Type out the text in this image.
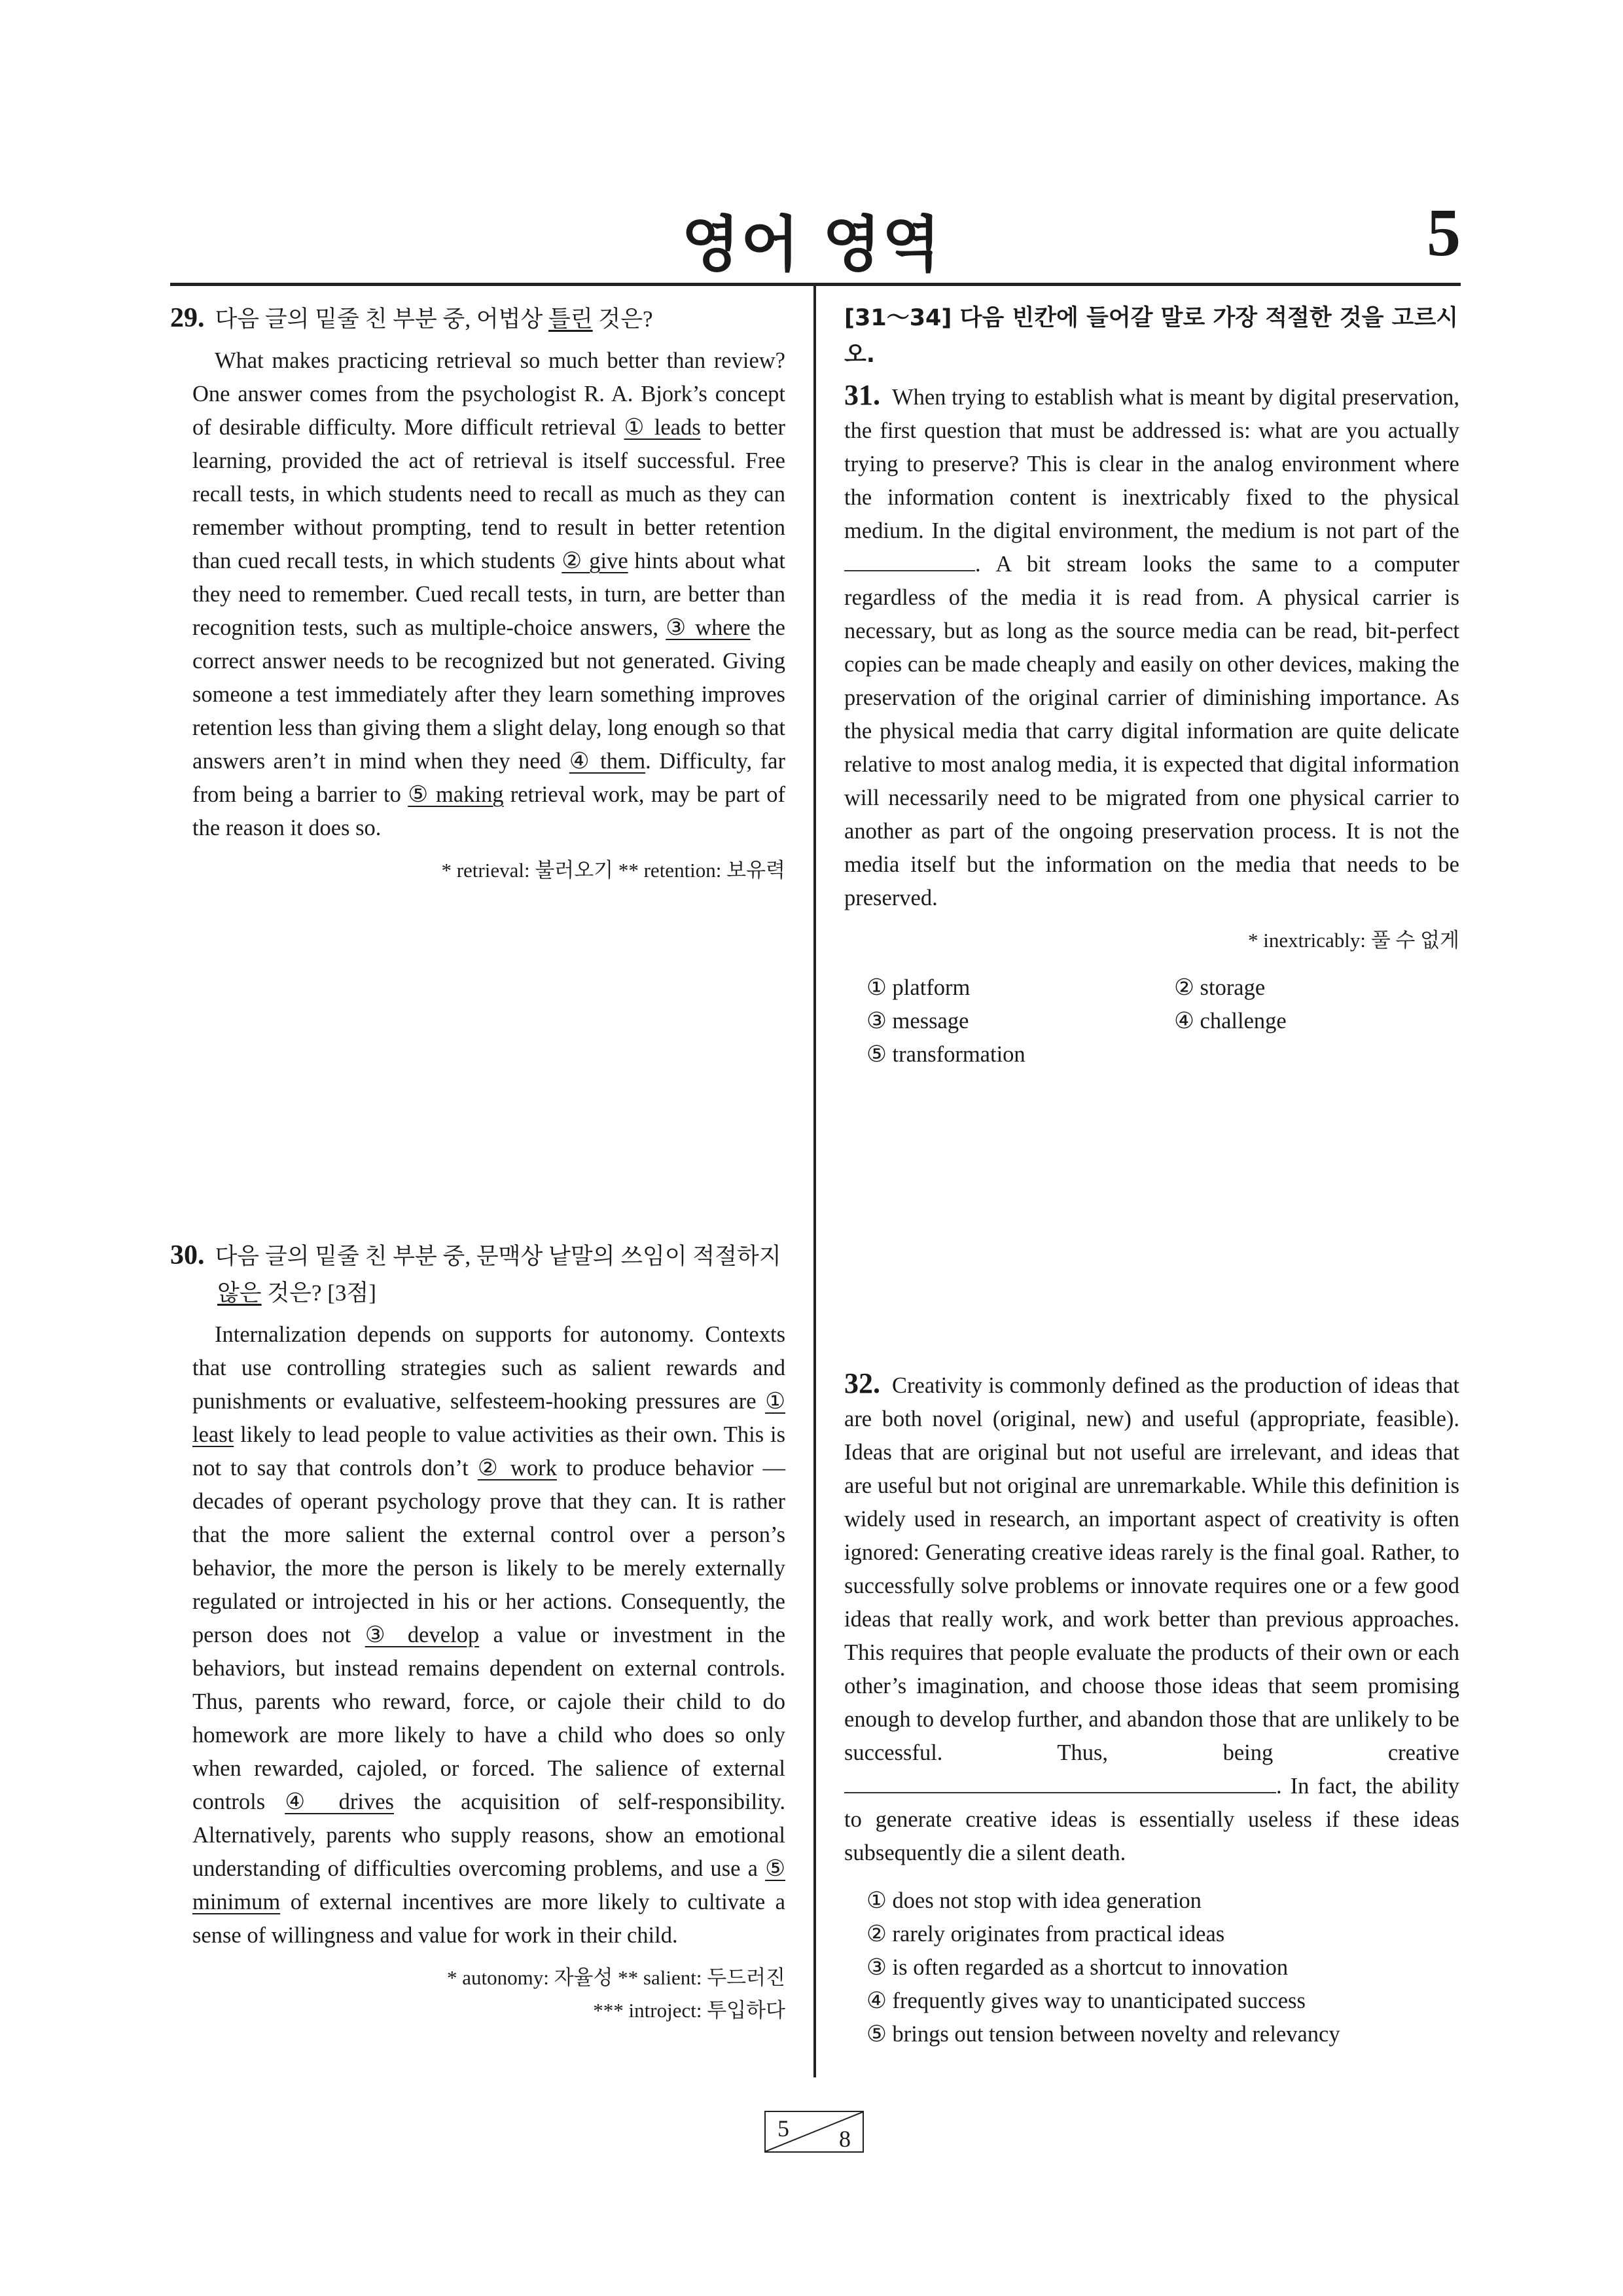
영어 영역	5
29. 다음 글의 밑줄 친 부분 중, 어법상 틀린 것은?
What makes practicing retrieval so much better than review? One answer comes from the psychologist R. A. Bjork’s concept of desirable difficulty. More difficult retrieval ① leads to better learning, provided the act of retrieval is itself successful. Free recall tests, in which students need to recall as much as they can remember without prompting, tend to result in better retention than cued recall tests, in which students ② give hints about what they need to remember. Cued recall tests, in turn, are better than recognition tests, such as multiple-choice answers, ③ where the correct answer needs to be recognized but not generated. Giving someone a test immediately after they learn something improves retention less than giving them a slight delay, long enough so that answers aren’t in mind when they need ④ them. Difficulty, far from being a barrier to ⑤ making retrieval work, may be part of the reason it does so.
* retrieval: 불러오기 ** retention: 보유력
30. 다음 글의 밑줄 친 부분 중, 문맥상 낱말의 쓰임이 적절하지 않은 것은? [3점]
Internalization depends on supports for autonomy. Contexts that use controlling strategies such as salient rewards and punishments or evaluative, selfesteem-hooking pressures are ① least likely to lead people to value activities as their own. This is not to say that controls don’t ② work to produce behavior — decades of operant psychology prove that they can. It is rather that the more salient the external control over a person’s behavior, the more the person is likely to be merely externally regulated or introjected in his or her actions. Consequently, the person does not ③ develop a value or investment in the behaviors, but instead remains dependent on external controls. Thus, parents who reward, force, or cajole their child to do homework are more likely to have a child who does so only when rewarded, cajoled, or forced. The salience of external controls ④ drives the acquisition of self-responsibility. Alternatively, parents who supply reasons, show an emotional understanding of difficulties overcoming problems, and use a ⑤ minimum of external incentives are more likely to cultivate a sense of willingness and value for work in their child.
* autonomy: 자율성 ** salient: 두드러진
*** introject: 투입하다
[31～34] 다음 빈칸에 들어갈 말로 가장 적절한 것을 고르시오.
31. When trying to establish what is meant by digital preservation, the first question that must be addressed is: what are you actually trying to preserve? This is clear in the analog environment where the information content is inextricably fixed to the physical medium. In the digital environment, the medium is not part of the . A bit stream looks the same to a computer regardless of the media it is read from. A physical carrier is necessary, but as long as the source media can be read, bit-perfect copies can be made cheaply and easily on other devices, making the preservation of the original carrier of diminishing importance. As the physical media that carry digital information are quite delicate relative to most analog media, it is expected that digital information will necessarily need to be migrated from one physical carrier to another as part of the ongoing preservation process. It is not the media itself but the information on the media that needs to be preserved.
* inextricably: 풀 수 없게
① platform	② storage
③ message	④ challenge
⑤ transformation
32. Creativity is commonly defined as the production of ideas that are both novel (original, new) and useful (appropriate, feasible). Ideas that are original but not useful are irrelevant, and ideas that are useful but not original are unremarkable. While this definition is widely used in research, an important aspect of creativity is often ignored: Generating creative ideas rarely is the final goal. Rather, to successfully solve problems or innovate requires one or a few good ideas that really work, and work better than previous approaches. This requires that people evaluate the products of their own or each other’s imagination, and choose those ideas that seem promising enough to develop further, and abandon those that are unlikely to be successful. Thus, being creative . In fact, the ability to generate creative ideas is essentially useless if these ideas subsequently die a silent death.
① does not stop with idea generation
② rarely originates from practical ideas
③ is often regarded as a shortcut to innovation
④ frequently gives way to unanticipated success
⑤ brings out tension between novelty and relevancy
5 8
